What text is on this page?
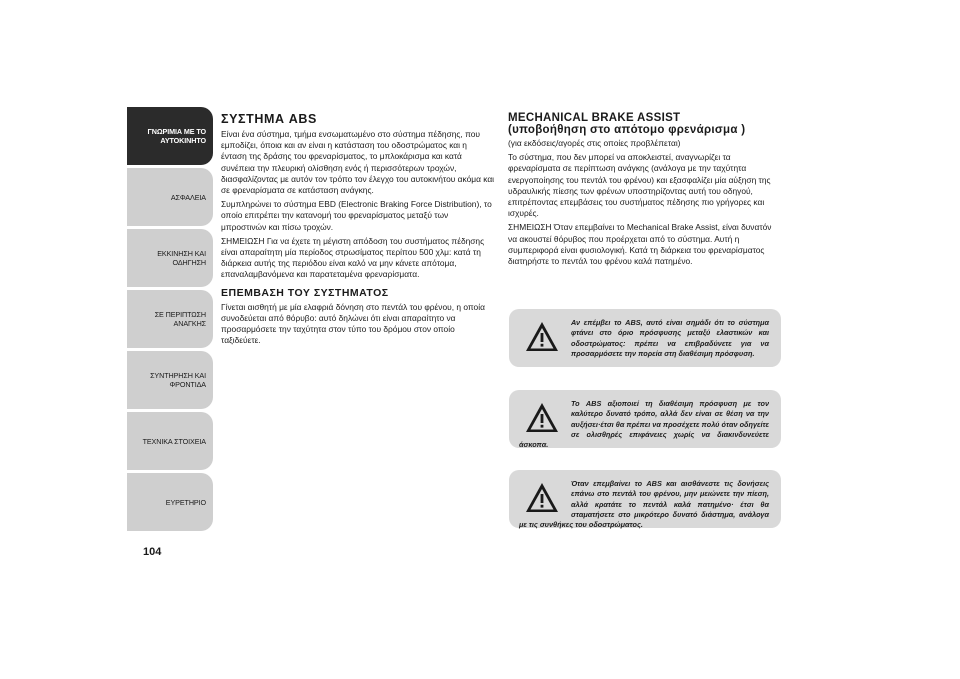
ΓΝΩΡΙΜΙΑ ΜΕ ΤΟ
ΑΥΤΟΚΙΝΗΤΟ
ΑΣΦΑΛΕΙΑ
ΕΚΚΙΝΗΣΗ ΚΑΙ
ΟΔΗΓΗΣΗ
ΣΕ ΠΕΡΙΠΤΩΣΗ
ΑΝΑΓΚΗΣ
ΣΥΝΤΗΡΗΣΗ ΚΑΙ
ΦΡΟΝΤΙΔΑ
ΤΕΧΝΙΚΑ ΣΤΟΙΧΕΙΑ
ΕΥΡΕΤΗΡΙΟ
104
ΣΥΣΤΗΜΑ ABS

Είναι ένα σύστημα, τμήμα ενσωματωμένο στο σύστημα πέδησης, που εμποδίζει, όποια και αν είναι η κατάσταση του οδοστρώματος και η ένταση της δράσης του φρεναρίσματος, το μπλοκάρισμα και κατά συνέπεια την πλευρική ολίσθηση ενός ή περισσότερων τροχών, διασφαλίζοντας με αυτόν τον τρόπο τον έλεγχο του αυτοκινήτου ακόμα και σε φρεναρίσματα σε κατάσταση ανάγκης.

Συμπληρώνει το σύστημα EBD (Electronic Braking Force Distribution), το οποίο επιτρέπει την κατανομή του φρεναρίσματος μεταξύ των μπροστινών και πίσω τροχών.

ΣΗΜΕΙΩΣΗ Για να έχετε τη μέγιστη απόδοση του συστήματος πέδησης είναι απαραίτητη μία περίοδος στρωσίματος περίπου 500 χλμ: κατά τη διάρκεια αυτής της περιόδου είναι καλό να μην κάνετε απότομα, επαναλαμβανόμενα και παρατεταμένα φρεναρίσματα.

ΕΠΕΜΒΑΣΗ ΤΟΥ ΣΥΣΤΗΜΑΤΟΣ

Γίνεται αισθητή με μία ελαφριά δόνηση στο πεντάλ του φρένου, η οποία συνοδεύεται από θόρυβο: αυτό δηλώνει ότι είναι απαραίτητο να προσαρμόσετε την ταχύτητα στον τύπο του δρόμου στον οποίο ταξιδεύετε.

MECHANICAL BRAKE ASSIST
(υποβοήθηση στο απότομο φρενάρισμα )

(για εκδόσεις/αγορές στις οποίες προβλέπεται)

Το σύστημα, που δεν μπορεί να αποκλειστεί, αναγνωρίζει τα φρεναρίσματα σε περίπτωση ανάγκης (ανάλογα με την ταχύτητα ενεργοποίησης του πεντάλ του φρένου) και εξασφαλίζει μία αύξηση της υδραυλικής πίεσης των φρένων υποστηρίζοντας αυτή του οδηγού, επιτρέποντας επεμβάσεις του συστήματος πέδησης πιο γρήγορες και ισχυρές.

ΣΗΜΕΙΩΣΗ Όταν επεμβαίνει το Mechanical Brake Assist, είναι δυνατόν να ακουστεί θόρυβος που προέρχεται από το σύστημα. Αυτή η συμπεριφορά είναι φυσιολογική. Κατά τη διάρκεια του φρεναρίσματος διατηρήστε το πεντάλ του φρένου καλά πατημένο.

Αν επέμβει το ABS, αυτό είναι σημάδι ότι το σύστημα φτάνει στο όριο πρόσφυσης μεταξύ ελαστικών και οδοστρώματος: πρέπει να επιβραδύνετε για να προσαρμόσετε την πορεία στη διαθέσιμη πρόσφυση.
Το ABS αξιοποιεί τη διαθέσιμη πρόσφυση με τον καλύτερο δυνατό τρόπο, αλλά δεν είναι σε θέση να την αυξήσει·έτσι θα πρέπει να προσέχετε πολύ όταν οδηγείτε σε ολισθηρές επιφάνειες χωρίς να διακινδυνεύετε άσκοπα.
Όταν επεμβαίνει το ABS και αισθάνεστε τις δονήσεις επάνω στο πεντάλ του φρένου, μην μειώνετε την πίεση, αλλά κρατάτε το πεντάλ καλά πατημένο· έτσι θα σταματήσετε στο μικρότερο δυνατό διάστημα, ανάλογα με τις συνθήκες του οδοστρώματος.
